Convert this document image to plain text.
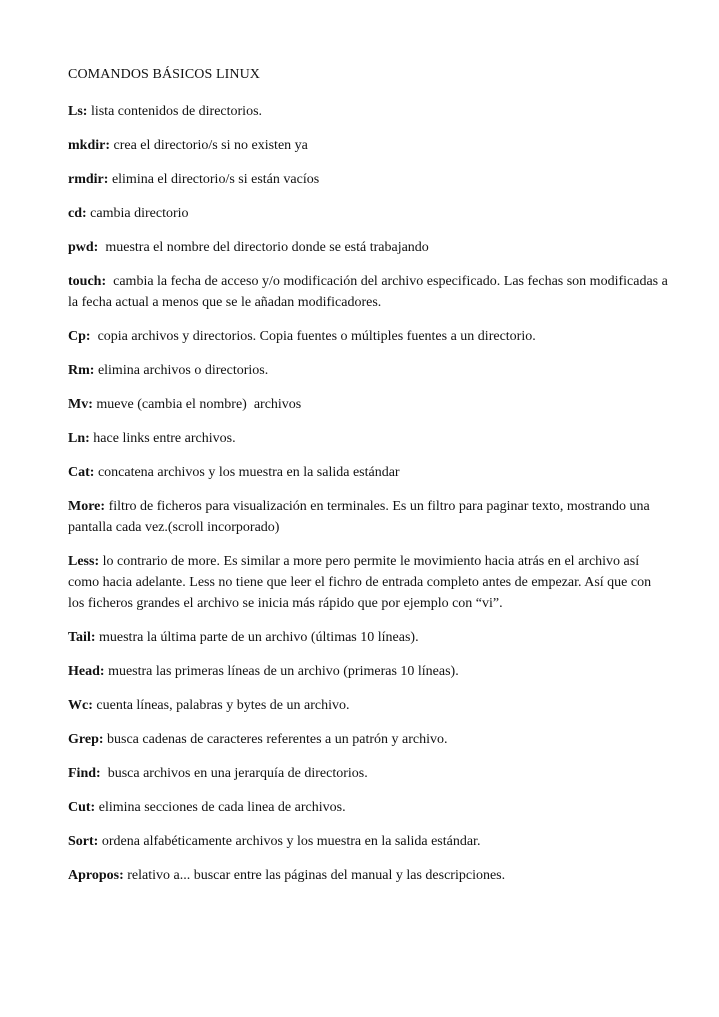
COMANDOS BÁSICOS LINUX

Ls: lista contenidos de directorios.

mkdir: crea el directorio/s si no existen ya

rmdir: elimina el directorio/s si están vacíos

cd: cambia directorio

pwd:  muestra el nombre del directorio donde se está trabajando

touch:  cambia la fecha de acceso y/o modificación del archivo especificado. Las fechas son modificadas a la fecha actual a menos que se le añadan modificadores.

Cp:  copia archivos y directorios. Copia fuentes o múltiples fuentes a un directorio.

Rm: elimina archivos o directorios.

Mv: mueve (cambia el nombre)  archivos

Ln: hace links entre archivos.

Cat: concatena archivos y los muestra en la salida estándar

More: filtro de ficheros para visualización en terminales. Es un filtro para paginar texto, mostrando una pantalla cada vez.(scroll incorporado)

Less: lo contrario de more. Es similar a more pero permite le movimiento hacia atrás en el archivo así como hacia adelante. Less no tiene que leer el fichro de entrada completo antes de empezar. Así que con los ficheros grandes el archivo se inicia más rápido que por ejemplo con “vi”.

Tail: muestra la última parte de un archivo (últimas 10 líneas).

Head: muestra las primeras líneas de un archivo (primeras 10 líneas).

Wc: cuenta líneas, palabras y bytes de un archivo.

Grep: busca cadenas de caracteres referentes a un patrón y archivo.

Find:  busca archivos en una jerarquía de directorios.

Cut: elimina secciones de cada linea de archivos.

Sort: ordena alfabéticamente archivos y los muestra en la salida estándar.

Apropos: relativo a... buscar entre las páginas del manual y las descripciones.
